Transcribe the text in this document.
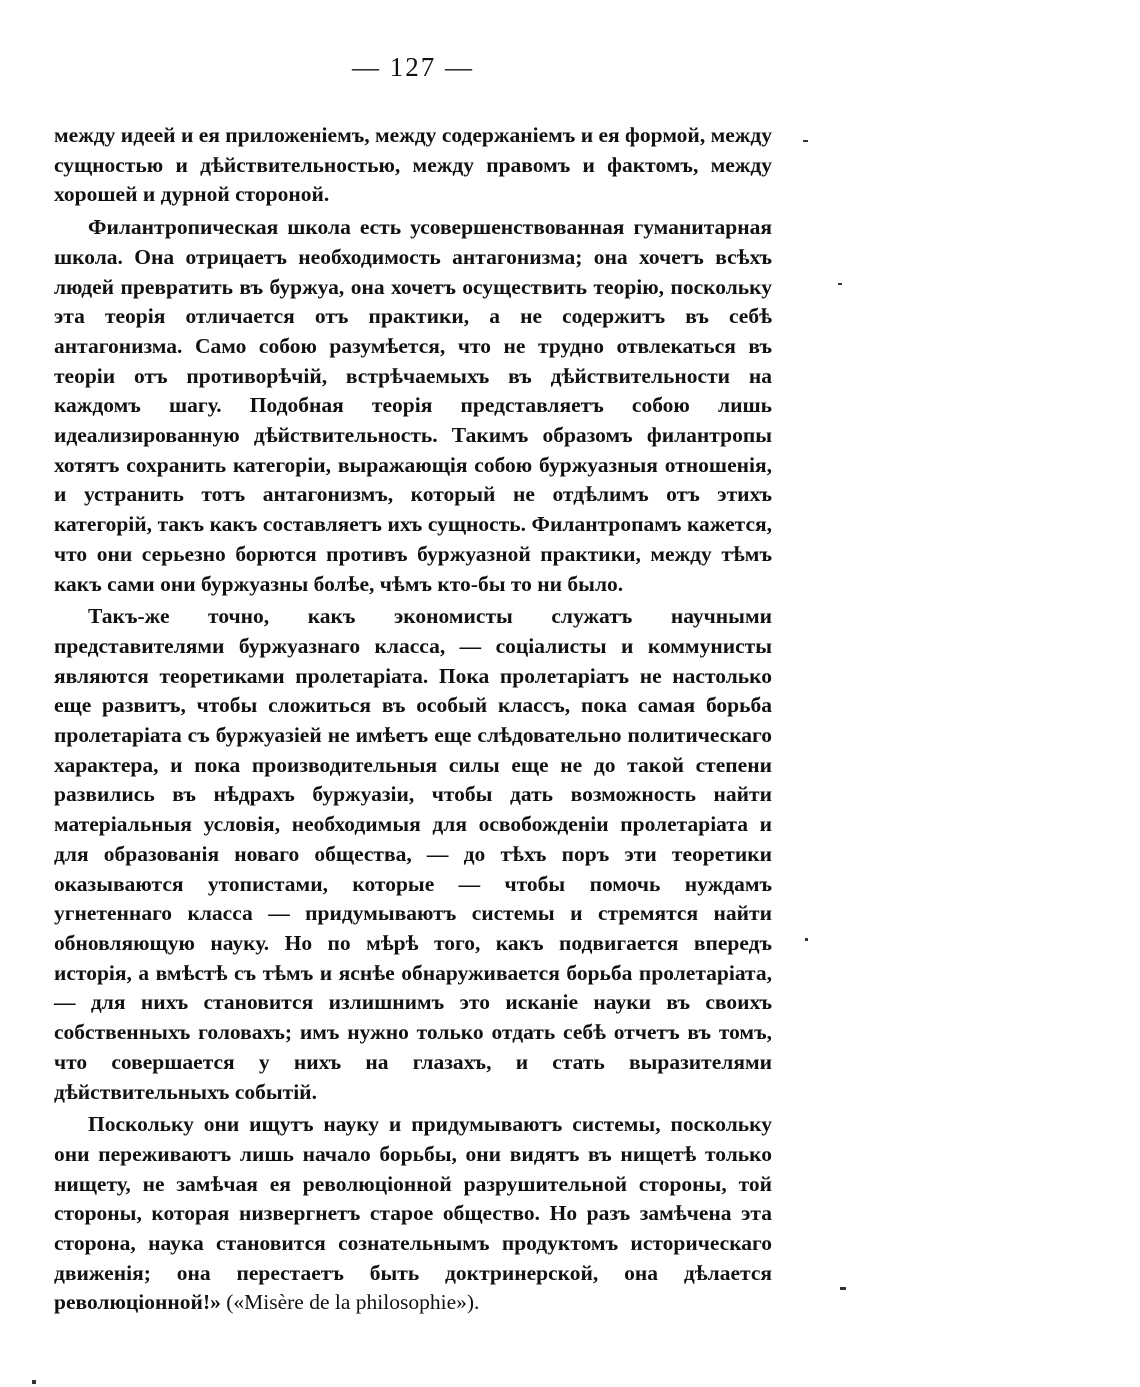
— 127 —

между идеей и ея приложеніемъ, между содержаніемъ и ея формой, между сущностью и дѣйствительностью, между правомъ и фактомъ, между хорошей и дурной стороной.

Филантропическая школа есть усовершенствованная гуманитарная школа. Она отрицаетъ необходимость антагонизма; она хочетъ всѣхъ людей превратить въ буржуа, она хочетъ осуществить теорію, поскольку эта теорія отличается отъ практики, а не содержитъ въ себѣ антагонизма. Само собою разумѣется, что не трудно отвлекаться въ теоріи отъ противорѣчій, встрѣчаемыхъ въ дѣйствительности на каждомъ шагу. Подобная теорія представляетъ собою лишь идеализированную дѣйствительность. Такимъ образомъ филантропы хотятъ сохранить категоріи, выражающія собою буржуазныя отношенія, и устранить тотъ антагонизмъ, который не отдѣлимъ отъ этихъ категорій, такъ какъ составляетъ ихъ сущность. Филантропамъ кажется, что они серьезно борются противъ буржуазной практики, между тѣмъ какъ сами они буржуазны болѣе, чѣмъ кто-бы то ни было.

Такъ-же точно, какъ экономисты служатъ научными представителями буржуазнаго класса, — соціалисты и коммунисты являются теоретиками пролетаріата. Пока пролетаріатъ не настолько еще развитъ, чтобы сложиться въ особый классъ, пока самая борьба пролетаріата съ буржуазіей не имѣетъ еще слѣдовательно политическаго характера, и пока производительныя силы еще не до такой степени развились въ нѣдрахъ буржуазіи, чтобы дать возможность найти матеріальныя условія, необходимыя для освобожденіи пролетаріата и для образованія новаго общества, — до тѣхъ поръ эти теоретики оказываются утопистами, которые — чтобы помочь нуждамъ угнетеннаго класса — придумываютъ системы и стремятся найти обновляющую науку. Но по мѣрѣ того, какъ подвигается впередъ исторія, а вмѣстѣ съ тѣмъ и яснѣе обнаруживается борьба пролетаріата, — для нихъ становится излишнимъ это исканіе науки въ своихъ собственныхъ головахъ; имъ нужно только отдать себѣ отчетъ въ томъ, что совершается у нихъ на глазахъ, и стать выразителями дѣйствительныхъ событій.

Поскольку они ищутъ науку и придумываютъ системы, поскольку они переживаютъ лишь начало борьбы, они видятъ въ нищетѣ только нищету, не замѣчая ея революціонной разрушительной стороны, той стороны, которая низвергнетъ старое общество. Но разъ замѣчена эта сторона, наука становится сознательнымъ продуктомъ историческаго движенія; она перестаетъ быть доктринерской, она дѣлается революціонной!» («Misère de la philosophie»).
